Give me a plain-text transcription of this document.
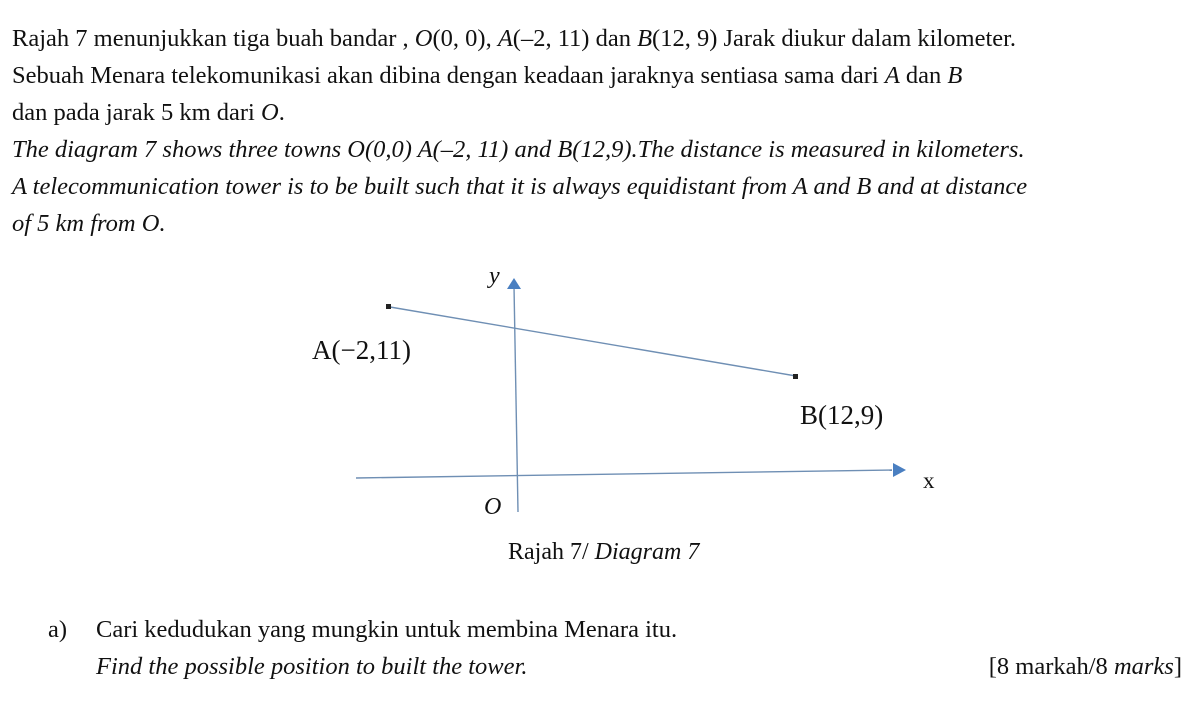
Rajah 7 menunjukkan tiga buah bandar , O(0, 0), A(–2, 11) dan B(12, 9) Jarak diukur dalam kilometer.
Sebuah Menara telekomunikasi akan dibina dengan keadaan jaraknya sentiasa sama dari A dan B
dan pada jarak 5 km dari O.
The diagram 7 shows three towns O(0,0) A(–2, 11) and B(12,9).The distance is measured in kilometers.
A telecommunication tower is to be built such that it is always equidistant from A and B and at distance
of 5 km from O.
y
x
O
A(−2,11)
B(12,9)
Rajah 7/ Diagram 7
a) Cari kedudukan yang mungkin untuk membina Menara itu.
Find the possible position to built the tower.	[8 markah/8 marks]
